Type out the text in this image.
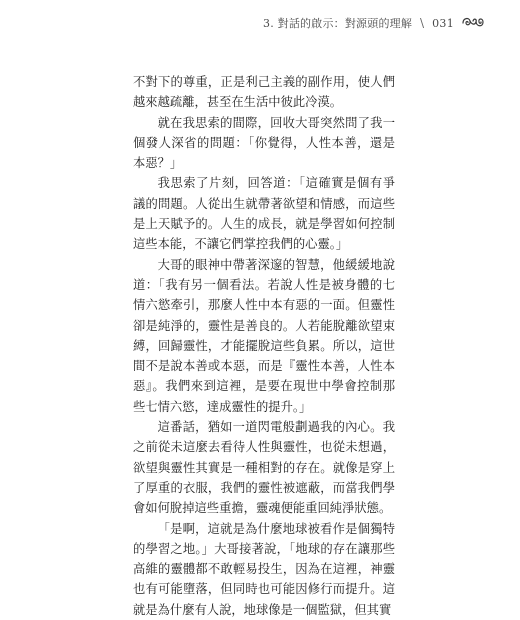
3. 對話的啟示：對源頭的理解 \ 031

不對下的尊重，正是利己主義的副作用，使人們越來越疏離，甚至在生活中彼此冷漠。

就在我思索的間際，回收大哥突然問了我一個發人深省的問題：「你覺得，人性本善，還是本惡？」

我思索了片刻，回答道：「這確實是個有爭議的問題。人從出生就帶著欲望和情感，而這些是上天賦予的。人生的成長，就是學習如何控制這些本能，不讓它們掌控我們的心靈。」

大哥的眼神中帶著深邃的智慧，他緩緩地說道：「我有另一個看法。若說人性是被身體的七情六慾牽引，那麼人性中本有惡的一面。但靈性卻是純淨的，靈性是善良的。人若能脫離欲望束縛，回歸靈性，才能擺脫這些負累。所以，這世間不是說本善或本惡，而是『靈性本善，人性本惡』。我們來到這裡，是要在現世中學會控制那些七情六慾，達成靈性的提升。」

這番話，猶如一道閃電般劃過我的內心。我之前從未這麼去看待人性與靈性，也從未想過，欲望與靈性其實是一種相對的存在。就像是穿上了厚重的衣服，我們的靈性被遮蔽，而當我們學會如何脫掉這些重擔，靈魂便能重回純淨狀態。

「是啊，這就是為什麼地球被看作是個獨特的學習之地。」大哥接著說，「地球的存在讓那些高維的靈體都不敢輕易投生，因為在這裡，神靈也有可能墮落，但同時也可能因修行而提升。這就是為什麼有人說，地球像是一個監獄，但其實
